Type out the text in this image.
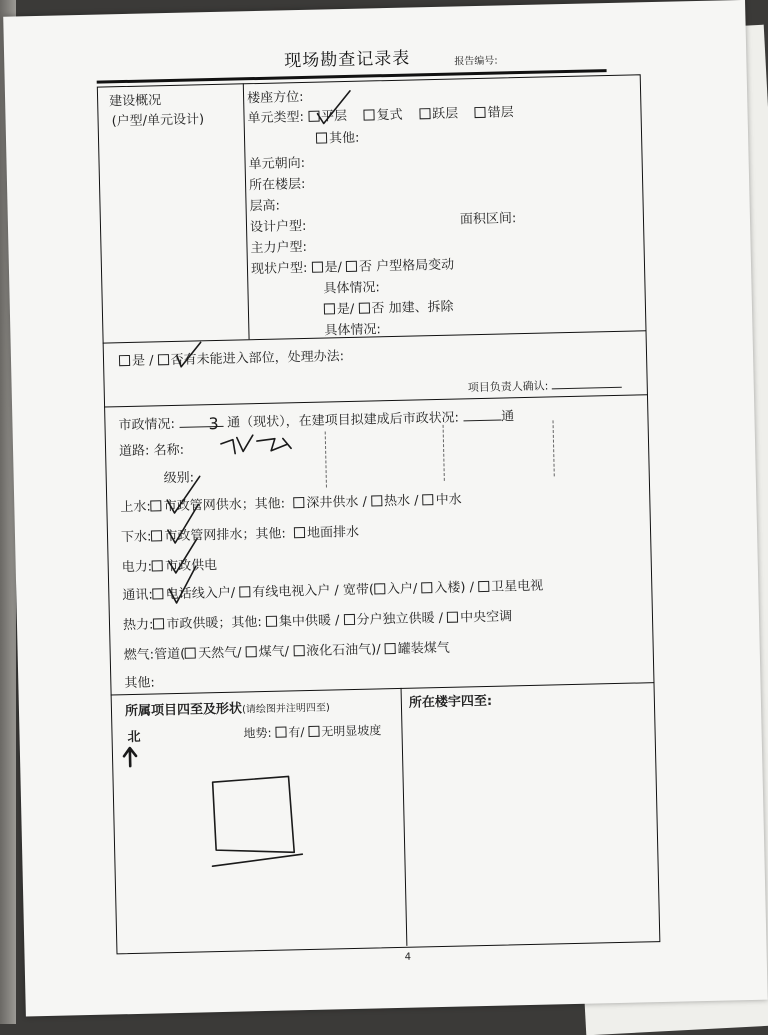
现场勘查记录表	报告编号:
建设概况
(户型/单元设计)
楼座方位:
单元类型: 平层 复式 跃层 错层
其他:
单元朝向:
所在楼层:
层高:
设计户型:	面积区间:
主力户型:
现状户型: 是/ 否 户型格局变动
具体情况:
是/ 否 加建、拆除
具体情况:
是 / 否有未能进入部位，处理办法:
项目负责人确认:
市政情况:	通（现状），在建项目拟建成后市政状况:	通
道路: 名称:
级别:
上水: 市政管网供水；其他: 深井供水 / 热水 / 中水
下水: 市政管网排水；其他: 地面排水
电力: 市政供电
通讯: 电话线入户/ 有线电视入户 / 宽带( 入户/ 入楼) / 卫星电视
热力: 市政供暖；其他: 集中供暖 / 分户独立供暖 / 中央空调
燃气:管道( 天然气/ 煤气/ 液化石油气)/ 罐装煤气
其他:
所属项目四至及形状(请绘图并注明四至)
北	地势: 有/ 无明显坡度
所在楼宇四至:
4
3
